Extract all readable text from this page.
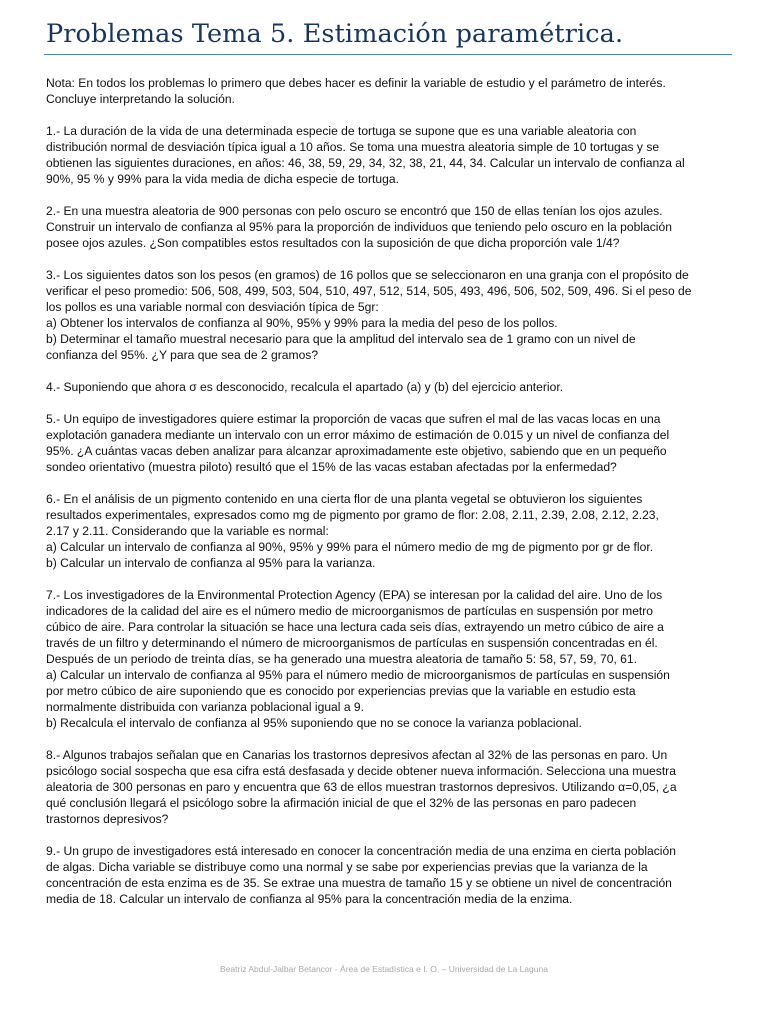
Problemas Tema 5. Estimación paramétrica.
Nota: En todos los problemas lo primero que debes hacer es definir la variable de estudio y el parámetro de interés.
Concluye interpretando la solución.
1.- La duración de la vida de una determinada especie de tortuga se supone que es una variable aleatoria con
distribución normal de desviación típica igual a 10 años. Se toma una muestra aleatoria simple de 10 tortugas y se
obtienen las siguientes duraciones, en años: 46, 38, 59, 29, 34, 32, 38, 21, 44, 34. Calcular un intervalo de confianza al
90%, 95 % y 99% para la vida media de dicha especie de tortuga.
2.- En una muestra aleatoria de 900 personas con pelo oscuro se encontró que 150 de ellas tenían los ojos azules.
Construir un intervalo de confianza al 95% para la proporción de individuos que teniendo pelo oscuro en la población
posee ojos azules. ¿Son compatibles estos resultados con la suposición de que dicha proporción vale 1/4?
3.- Los siguientes datos son los pesos (en gramos) de 16 pollos que se seleccionaron en una granja con el propósito de
verificar el peso promedio: 506, 508, 499, 503, 504, 510, 497, 512, 514, 505, 493, 496, 506, 502, 509, 496. Si el peso de
los pollos es una variable normal con desviación típica de 5gr:
a) Obtener los intervalos de confianza al 90%, 95% y 99% para la media del peso de los pollos.
b) Determinar el tamaño muestral necesario para que la amplitud del intervalo sea de 1 gramo con un nivel de
confianza del 95%. ¿Y para que sea de 2 gramos?
4.- Suponiendo que ahora σ es desconocido, recalcula el apartado (a) y (b) del ejercicio anterior.
5.- Un equipo de investigadores quiere estimar la proporción de vacas que sufren el mal de las vacas locas en una
explotación ganadera mediante un intervalo con un error máximo de estimación de 0.015 y un nivel de confianza del
95%. ¿A cuántas vacas deben analizar para alcanzar aproximadamente este objetivo, sabiendo que en un pequeño
sondeo orientativo (muestra piloto) resultó que el 15% de las vacas estaban afectadas por la enfermedad?
6.- En el análisis de un pigmento contenido en una cierta flor de una planta vegetal se obtuvieron los siguientes
resultados experimentales, expresados como mg de pigmento por gramo de flor: 2.08, 2.11, 2.39, 2.08, 2.12, 2.23,
2.17 y 2.11. Considerando que la variable es normal:
a) Calcular un intervalo de confianza al 90%, 95% y 99% para el número medio de mg de pigmento por gr de flor.
b) Calcular un intervalo de confianza al 95% para la varianza.
7.- Los investigadores de la Environmental Protection Agency (EPA) se interesan por la calidad del aire. Uno de los
indicadores de la calidad del aire es el número medio de microorganismos de partículas en suspensión por metro
cúbico de aire. Para controlar la situación se hace una lectura cada seis días, extrayendo un metro cúbico de aire a
través de un filtro y determinando el número de microorganismos de partículas en suspensión concentradas en él.
Después de un periodo de treinta días, se ha generado una muestra aleatoria de tamaño 5: 58, 57, 59, 70, 61.
a) Calcular un intervalo de confianza al 95% para el número medio de microorganismos de partículas en suspensión
por metro cúbico de aire suponiendo que es conocido por experiencias previas que la variable en estudio esta
normalmente distribuida con varianza poblacional igual a 9.
b) Recalcula el intervalo de confianza al 95% suponiendo que no se conoce la varianza poblacional.
8.- Algunos trabajos señalan que en Canarias los trastornos depresivos afectan al 32% de las personas en paro. Un
psicólogo social sospecha que esa cifra está desfasada y decide obtener nueva información. Selecciona una muestra
aleatoria de 300 personas en paro y encuentra que 63 de ellos muestran trastornos depresivos. Utilizando α=0,05, ¿a
qué conclusión llegará el psicólogo sobre la afirmación inicial de que el 32% de las personas en paro padecen
trastornos depresivos?
9.- Un grupo de investigadores está interesado en conocer la concentración media de una enzima en cierta población
de algas. Dicha variable se distribuye como una normal y se sabe por experiencias previas que la varianza de la
concentración de esta enzima es de 35. Se extrae una muestra de tamaño 15 y se obtiene un nivel de concentración
media de 18. Calcular un intervalo de confianza al 95% para la concentración media de la enzima.
Beatriz Abdul-Jalbar Betancor - Área de Estadística e I. O. – Universidad de La Laguna
